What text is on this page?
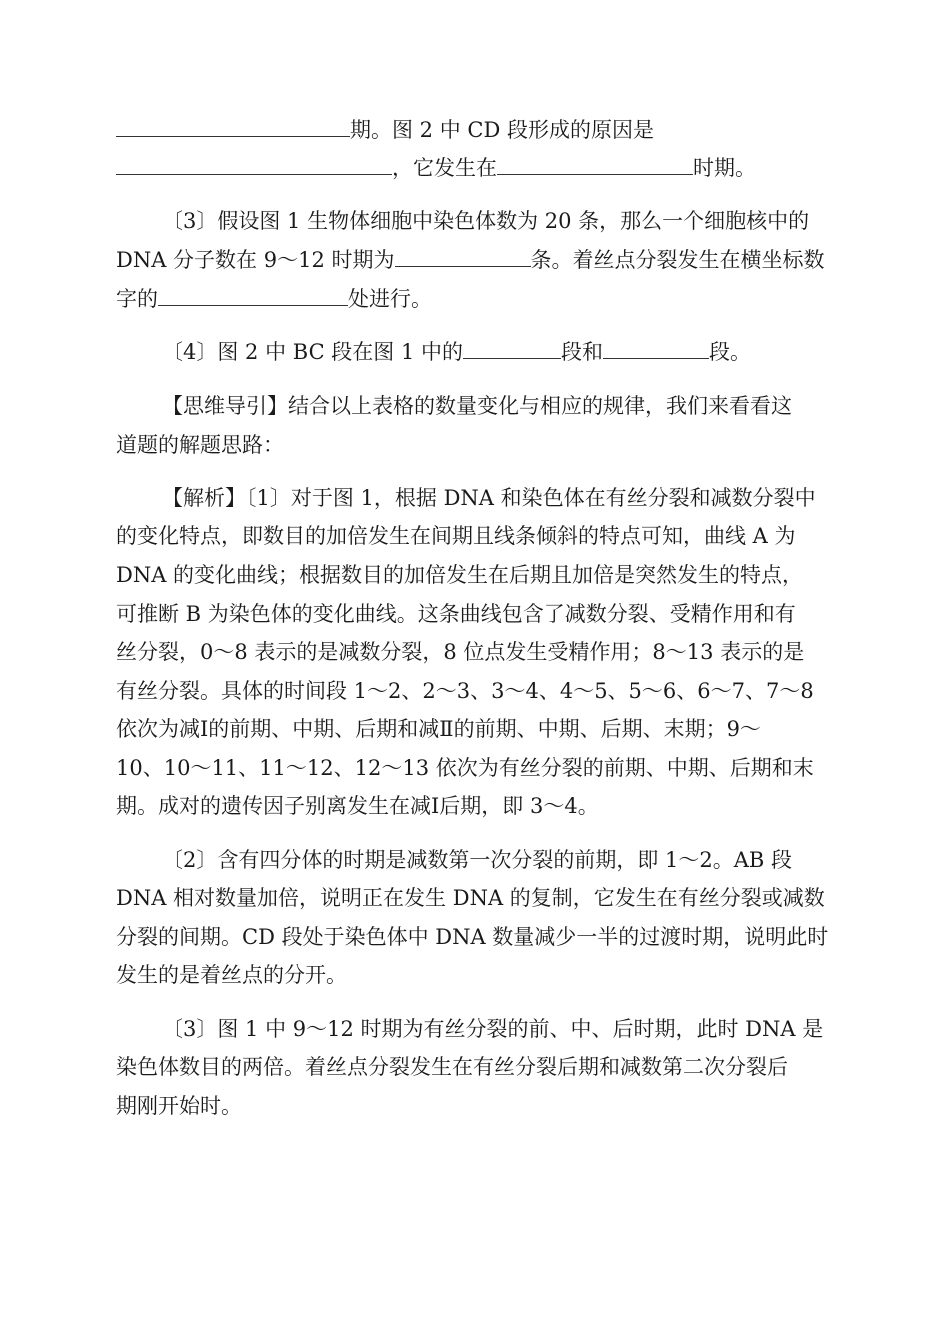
期。图 2 中 CD 段形成的原因是
，它发生在	时期。
〔3〕假设图 1 生物体细胞中染色体数为 20 条，那么一个细胞核中的
DNA 分子数在 9～12 时期为	条。着丝点分裂发生在横坐标数
字的	处进行。
〔4〕图 2 中 BC 段在图 1 中的	段和	段。
【思维导引】结合以上表格的数量变化与相应的规律，我们来看看这
道题的解题思路：
【解析】〔1〕对于图 1，根据 DNA 和染色体在有丝分裂和减数分裂中
的变化特点，即数目的加倍发生在间期且线条倾斜的特点可知，曲线 A 为
DNA 的变化曲线；根据数目的加倍发生在后期且加倍是突然发生的特点，
可推断 B 为染色体的变化曲线。这条曲线包含了减数分裂、受精作用和有
丝分裂，0～8 表示的是减数分裂，8 位点发生受精作用；8～13 表示的是
有丝分裂。具体的时间段 1～2、2～3、3～4、4～5、5～6、6～7、7～8
依次为减Ⅰ的前期、中期、后期和减Ⅱ的前期、中期、后期、末期；9～
10、10～11、11～12、12～13 依次为有丝分裂的前期、中期、后期和末
期。成对的遗传因子别离发生在减Ⅰ后期，即 3～4。
〔2〕含有四分体的时期是减数第一次分裂的前期，即 1～2。AB 段
DNA 相对数量加倍，说明正在发生 DNA 的复制，它发生在有丝分裂或减数
分裂的间期。CD 段处于染色体中 DNA 数量减少一半的过渡时期，说明此时
发生的是着丝点的分开。
〔3〕图 1 中 9～12 时期为有丝分裂的前、中、后时期，此时 DNA 是
染色体数目的两倍。着丝点分裂发生在有丝分裂后期和减数第二次分裂后
期刚开始时。
